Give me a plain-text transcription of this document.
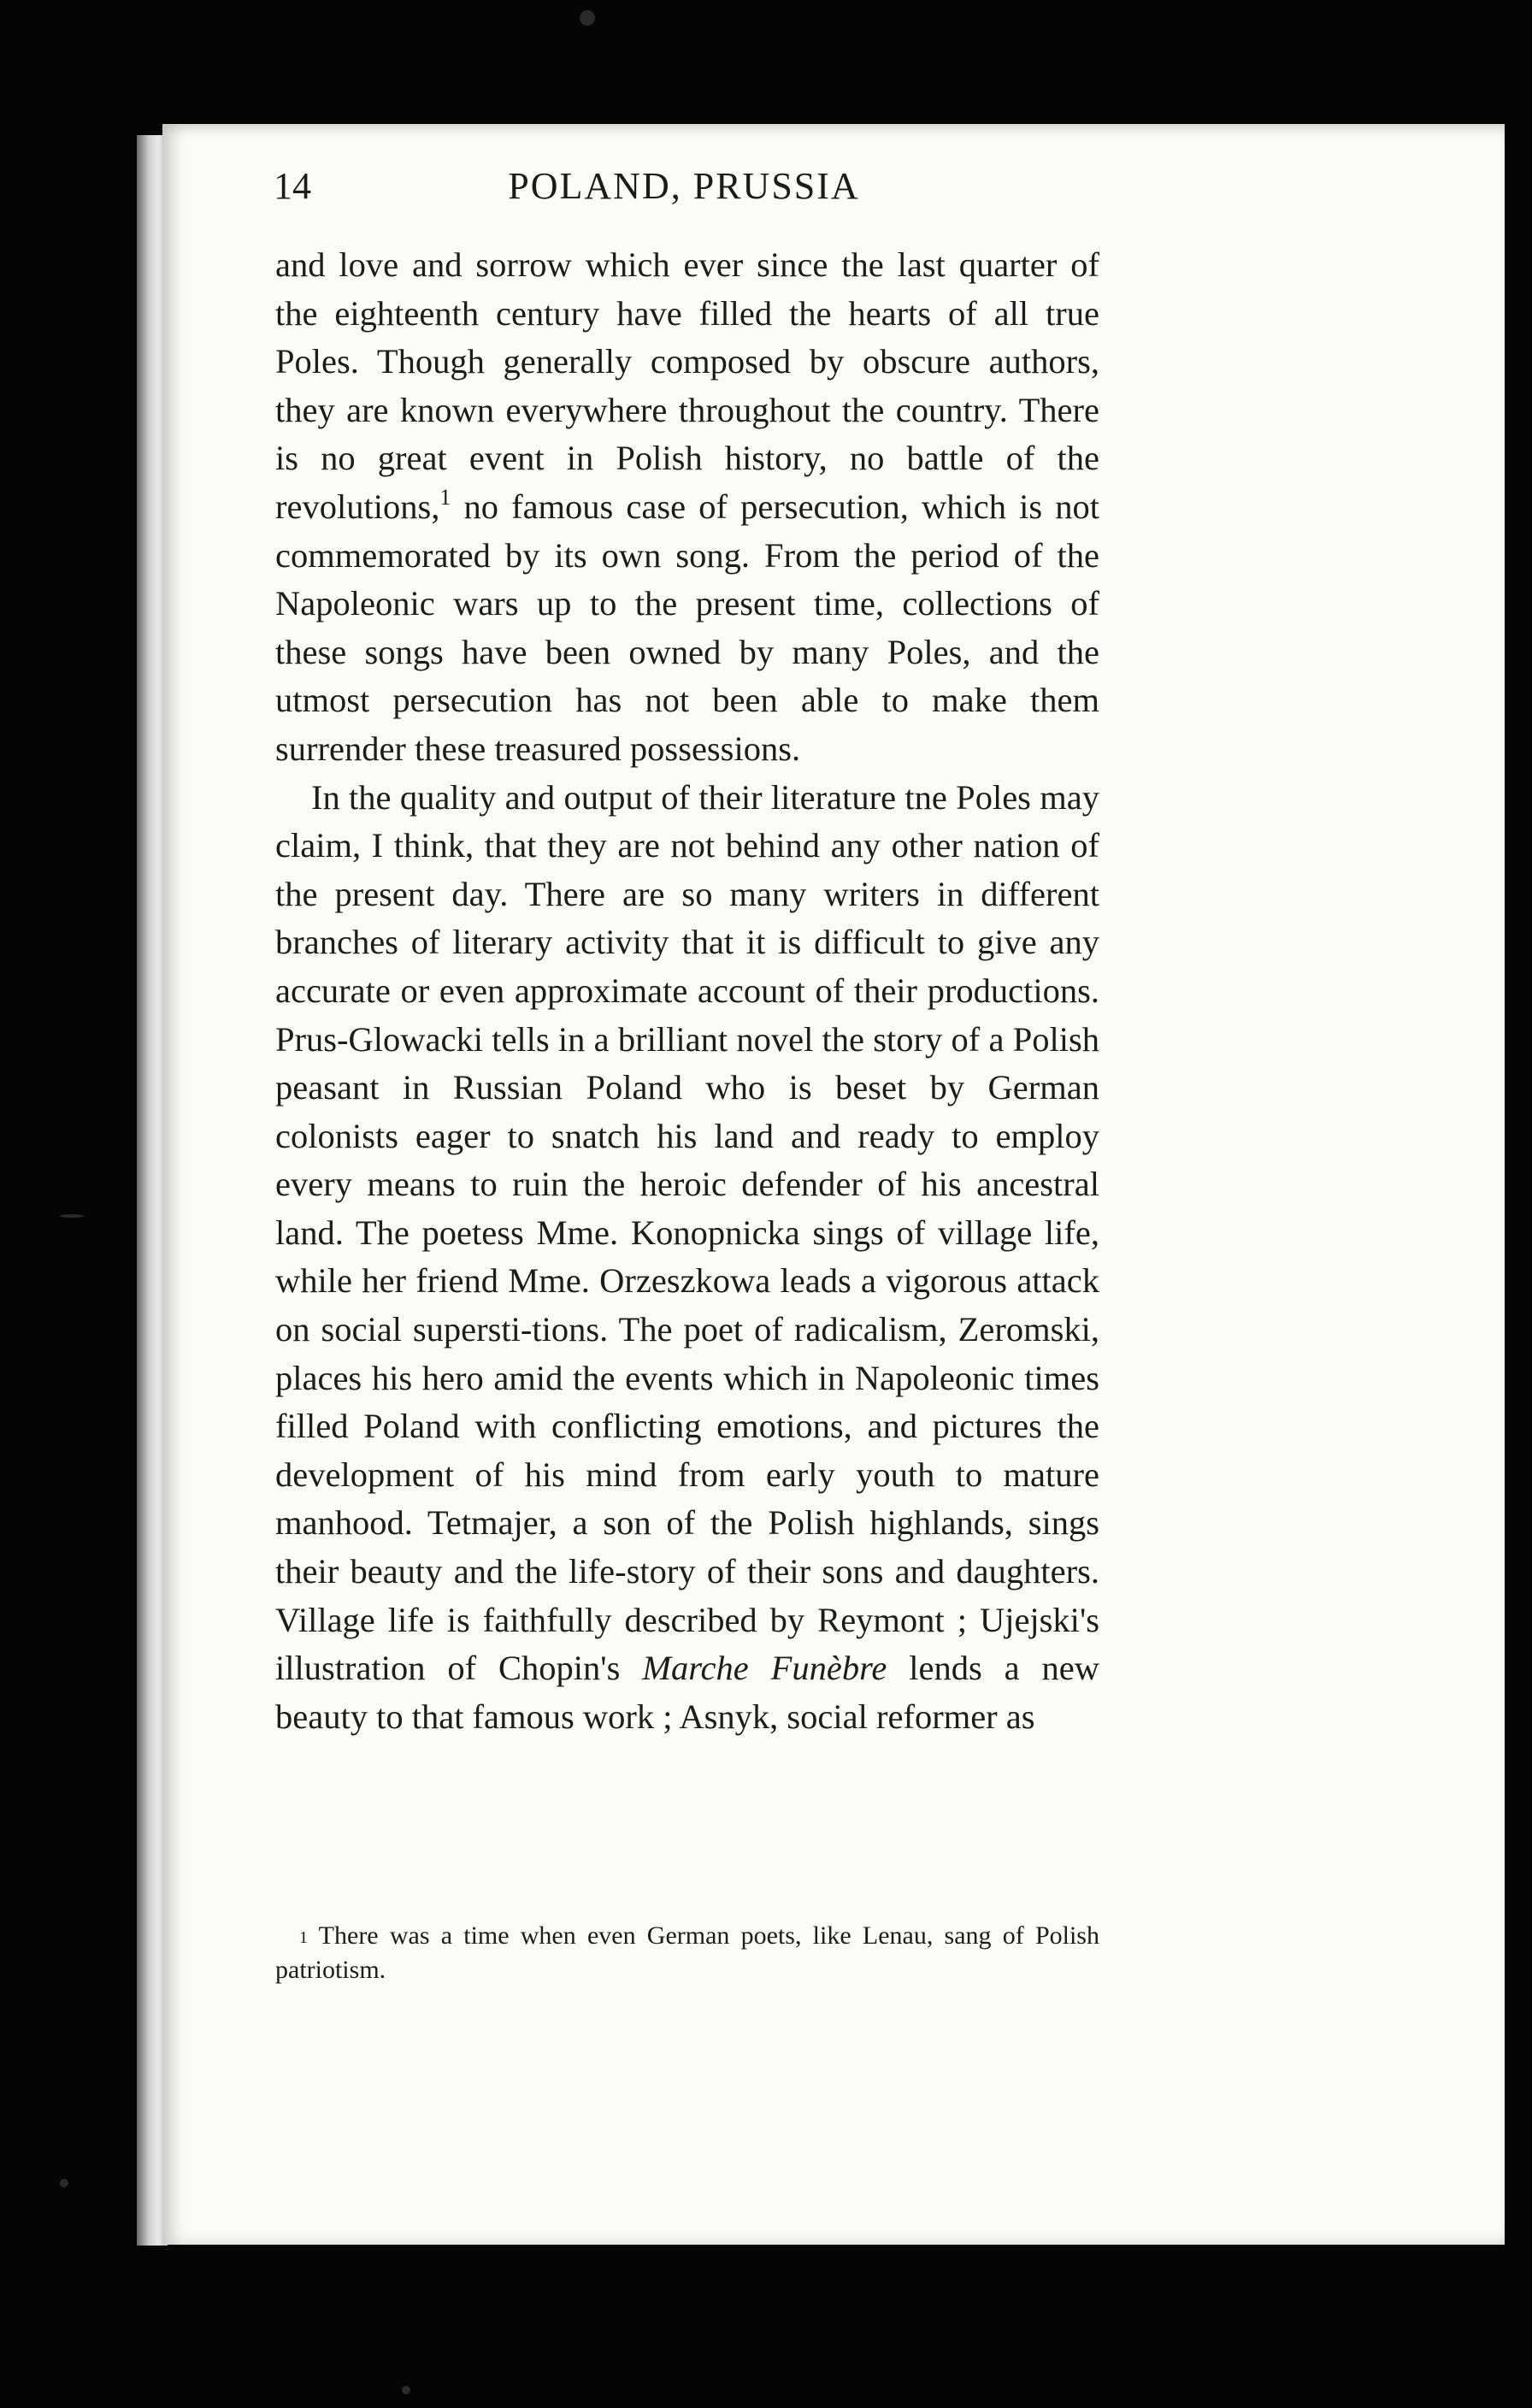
14	POLAND, PRUSSIA

and love and sorrow which ever since the last quarter of the eighteenth century have filled the hearts of all true Poles. Though generally composed by obscure authors, they are known everywhere throughout the country. There is no great event in Polish history, no battle of the revolutions,$^1$ no famous case of persecution, which is not commemorated by its own song. From the period of the Napoleonic wars up to the present time, collections of these songs have been owned by many Poles, and the utmost persecution has not been able to make them surrender these treasured possessions.

In the quality and output of their literature tne Poles may claim, I think, that they are not behind any other nation of the present day. There are so many writers in different branches of literary activity that it is difficult to give any accurate or even approximate account of their productions. Prus-Glowacki tells in a brilliant novel the story of a Polish peasant in Russian Poland who is beset by German colonists eager to snatch his land and ready to employ every means to ruin the heroic defender of his ancestral land. The poetess Mme. Konopnicka sings of village life, while her friend Mme. Orzeszkowa leads a vigorous attack on social supersti-tions. The poet of radicalism, Zeromski, places his hero amid the events which in Napoleonic times filled Poland with conflicting emotions, and pictures the development of his mind from early youth to mature manhood. Tetmajer, a son of the Polish highlands, sings their beauty and the life-story of their sons and daughters. Village life is faithfully described by Reymont ; Ujejski's illustration of Chopin's Marche Funèbre lends a new beauty to that famous work ; Asnyk, social reformer as

$^1$ There was a time when even German poets, like Lenau, sang of Polish patriotism.
